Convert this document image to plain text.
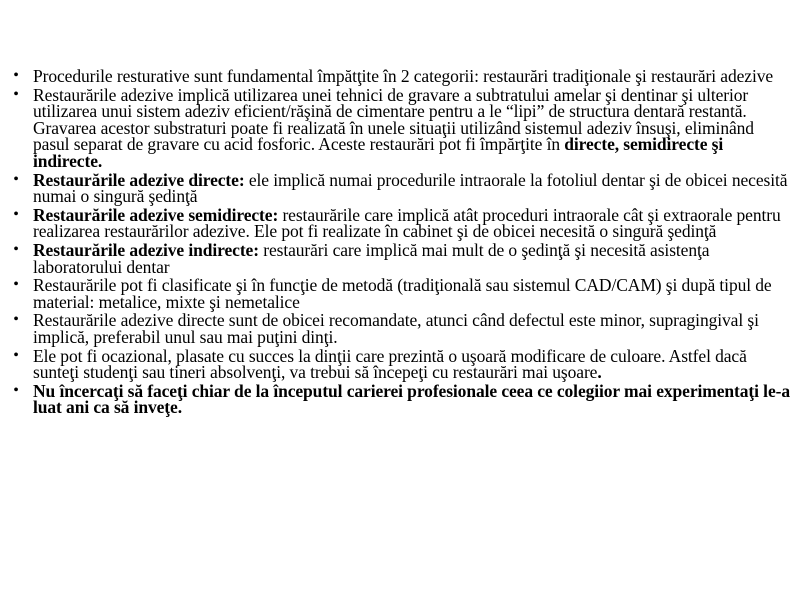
• Procedurile resturative sunt fundamental împătţite în 2 categorii: restaurări tradiţionale şi restaurări adezive
• Restaurările adezive implică utilizarea unei tehnici de gravare a subtratului amelar şi dentinar şi ulterior utilizarea unui sistem adeziv eficient/răşină de cimentare pentru a le “lipi” de structura dentară restantă. Gravarea acestor substraturi poate fi realizată în unele situaţii utilizând sistemul adeziv însuşi, eliminând pasul separat de gravare cu acid fosforic. Aceste restaurări pot fi împărţite în directe, semidirecte şi indirecte.
• Restaurările adezive directe: ele implică numai procedurile intraorale la fotoliul dentar şi de obicei necesită numai o singură şedinţă
• Restaurările adezive semidirecte: restaurările care implică atât proceduri intraorale cât şi extraorale pentru realizarea restaurărilor adezive. Ele pot fi realizate în cabinet şi de obicei necesită o singură şedinţă
• Restaurările adezive indirecte: restaurări care implică mai mult de o şedinţă şi necesită asistenţa laboratorului dentar
• Restaurările pot fi clasificate şi în funcţie de metodă (tradiţională sau sistemul CAD/CAM) şi după tipul de material: metalice, mixte şi nemetalice
• Restaurările adezive directe sunt de obicei recomandate, atunci când defectul este minor, supragingival şi implică, preferabil unul sau mai puţini dinţi.
• Ele pot fi ocazional, plasate cu succes la dinţii care prezintă o uşoară modificare de culoare. Astfel dacă sunteţi studenţi sau tineri absolvenţi, va trebui să începeţi cu restaurări mai uşoare.
• Nu încercaţi să faceţi chiar de la începutul carierei profesionale ceea ce colegiior mai experimentaţi le-a luat ani ca să inveţe.
